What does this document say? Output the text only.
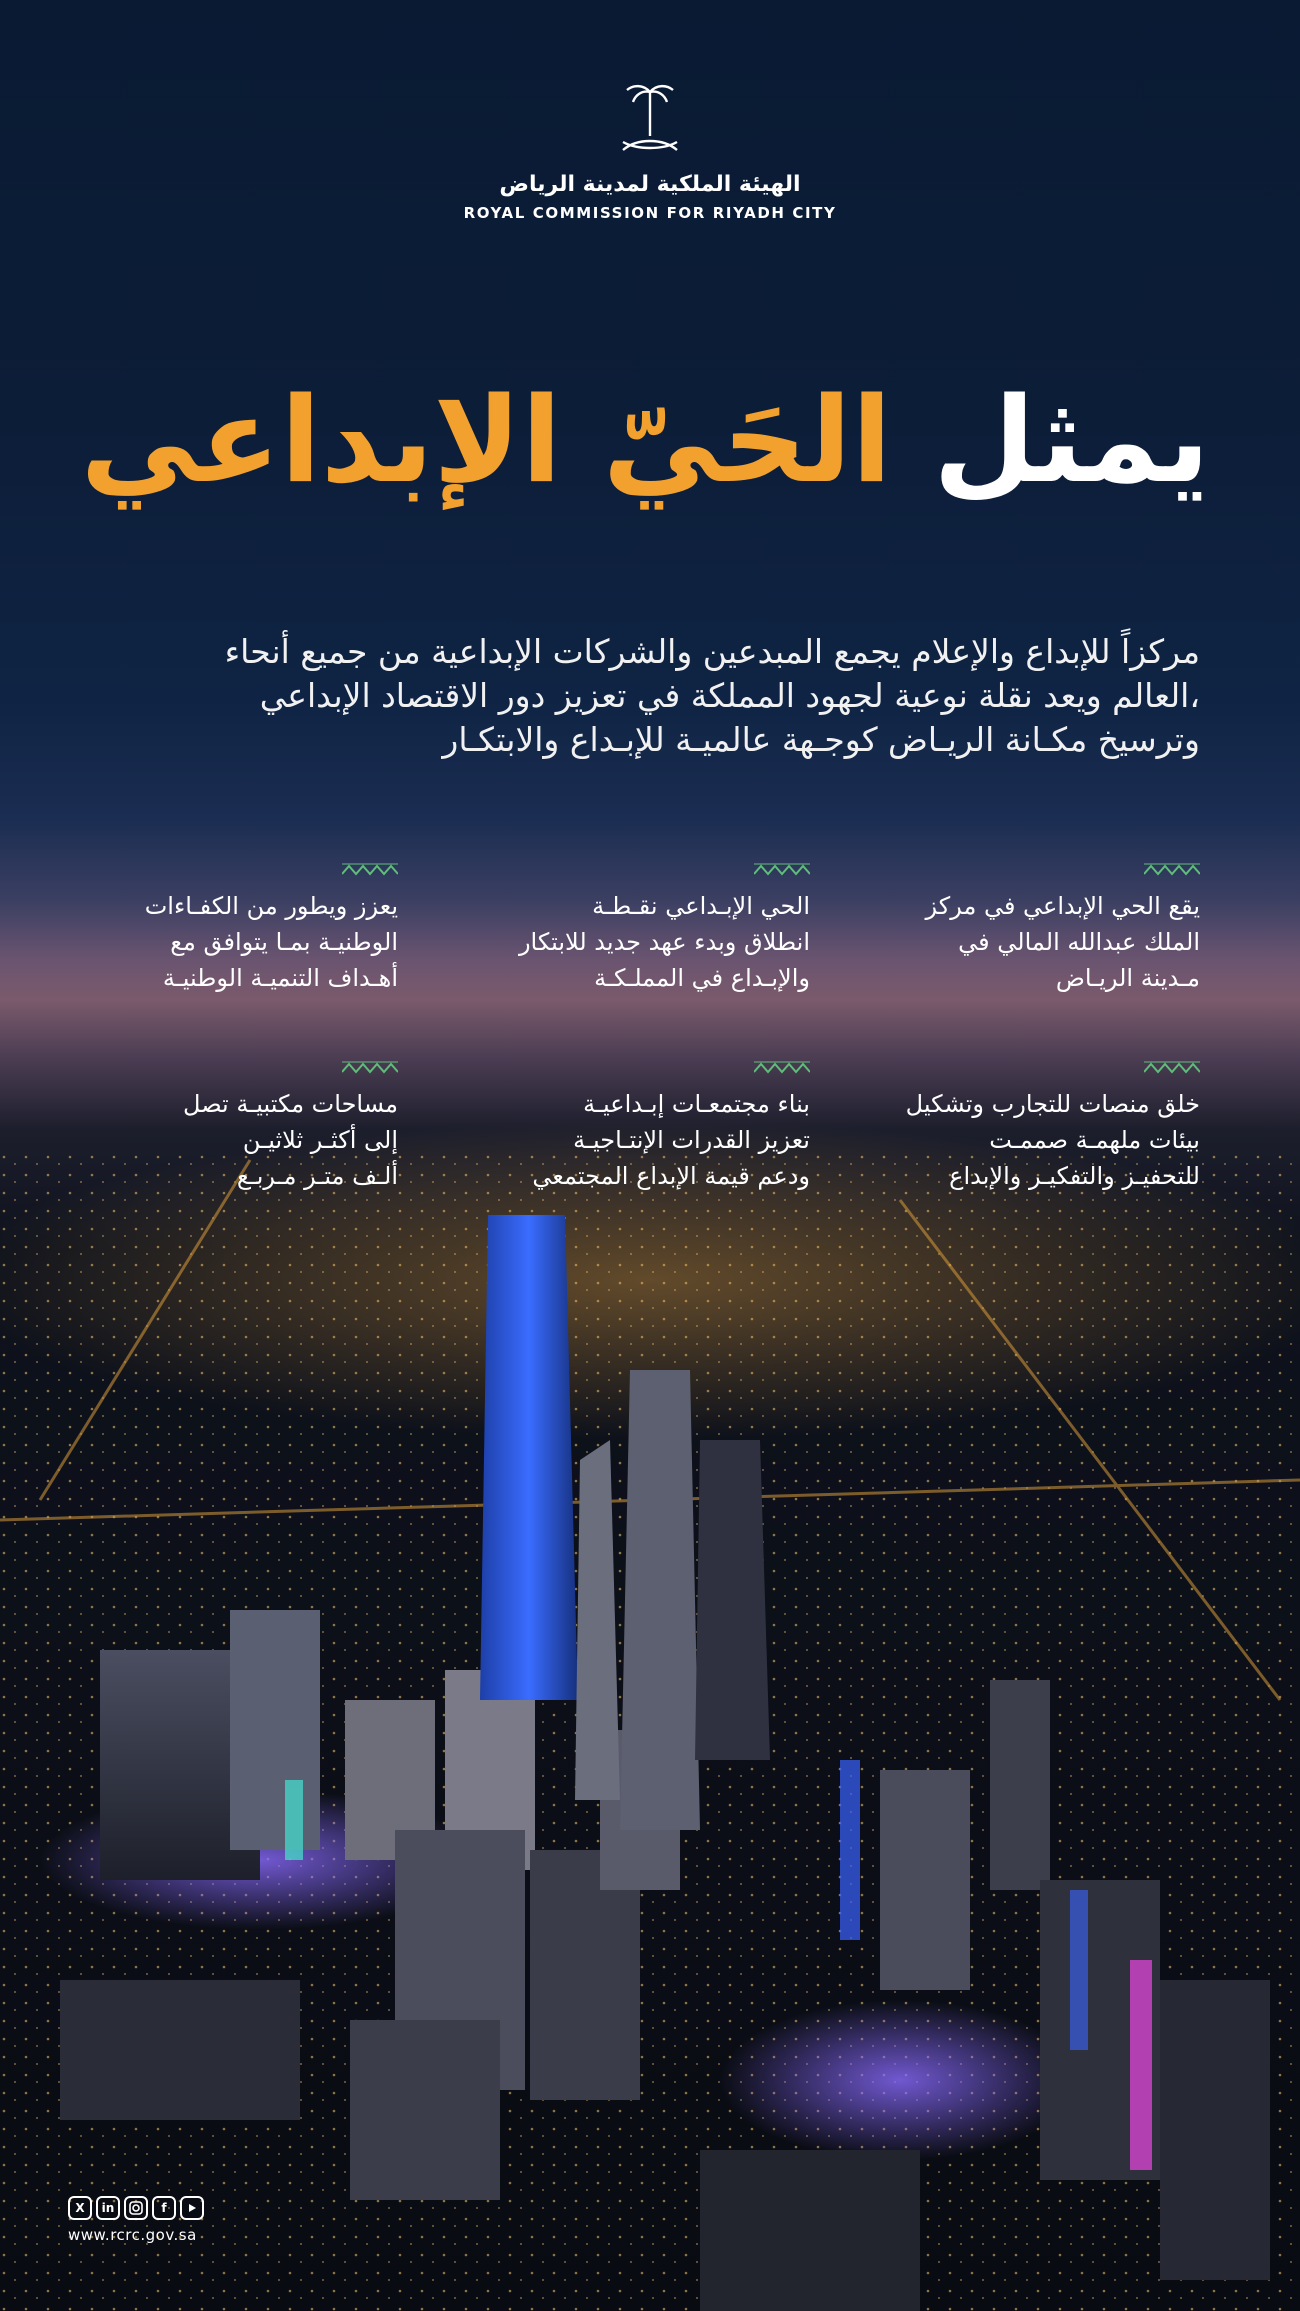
الهيئة الملكية لمدينة الرياض
ROYAL COMMISSION FOR RIYADH CITY
يمثل الحَيّ الإبداعي
مركزاً للإبداع والإعلام يجمع المبدعين والشركات الإبداعية من جميع أنحاء
،العالم ويعد نقلة نوعية لجهود المملكة في تعزيز دور الاقتصاد الإبداعي
وترسيخ مكـانة الريـاض كوجـهة عالميـة للإبـداع والابتكـار
يقع الحي الإبداعي في مركز
الملك عبدالله المالي في
مـدينة الريـاض
الحي الإبـداعي نقـطـة
انطلاق وبدء عهد جديد للابتكار
والإبـداع في المملـكـة
يعزز ويطور من الكفـاءات
الوطنيـة بمـا يتوافق مع
أهـداف التنميـة الوطنيـة
خلق منصات للتجارب وتشكيل
بيئات ملهمـة صممـت
للتحفيـز والتفكيـر والإبداع
بناء مجتمعـات إبـداعيـة
تعزيز القدرات الإنتـاجيـة
ودعم قيمة الإبداع المجتمعي
مساحات مكتبيـة تصل
إلى أكثـر ثلاثيـن
ألـف متـر مـربـع
X	in	f
www.rcrc.gov.sa
